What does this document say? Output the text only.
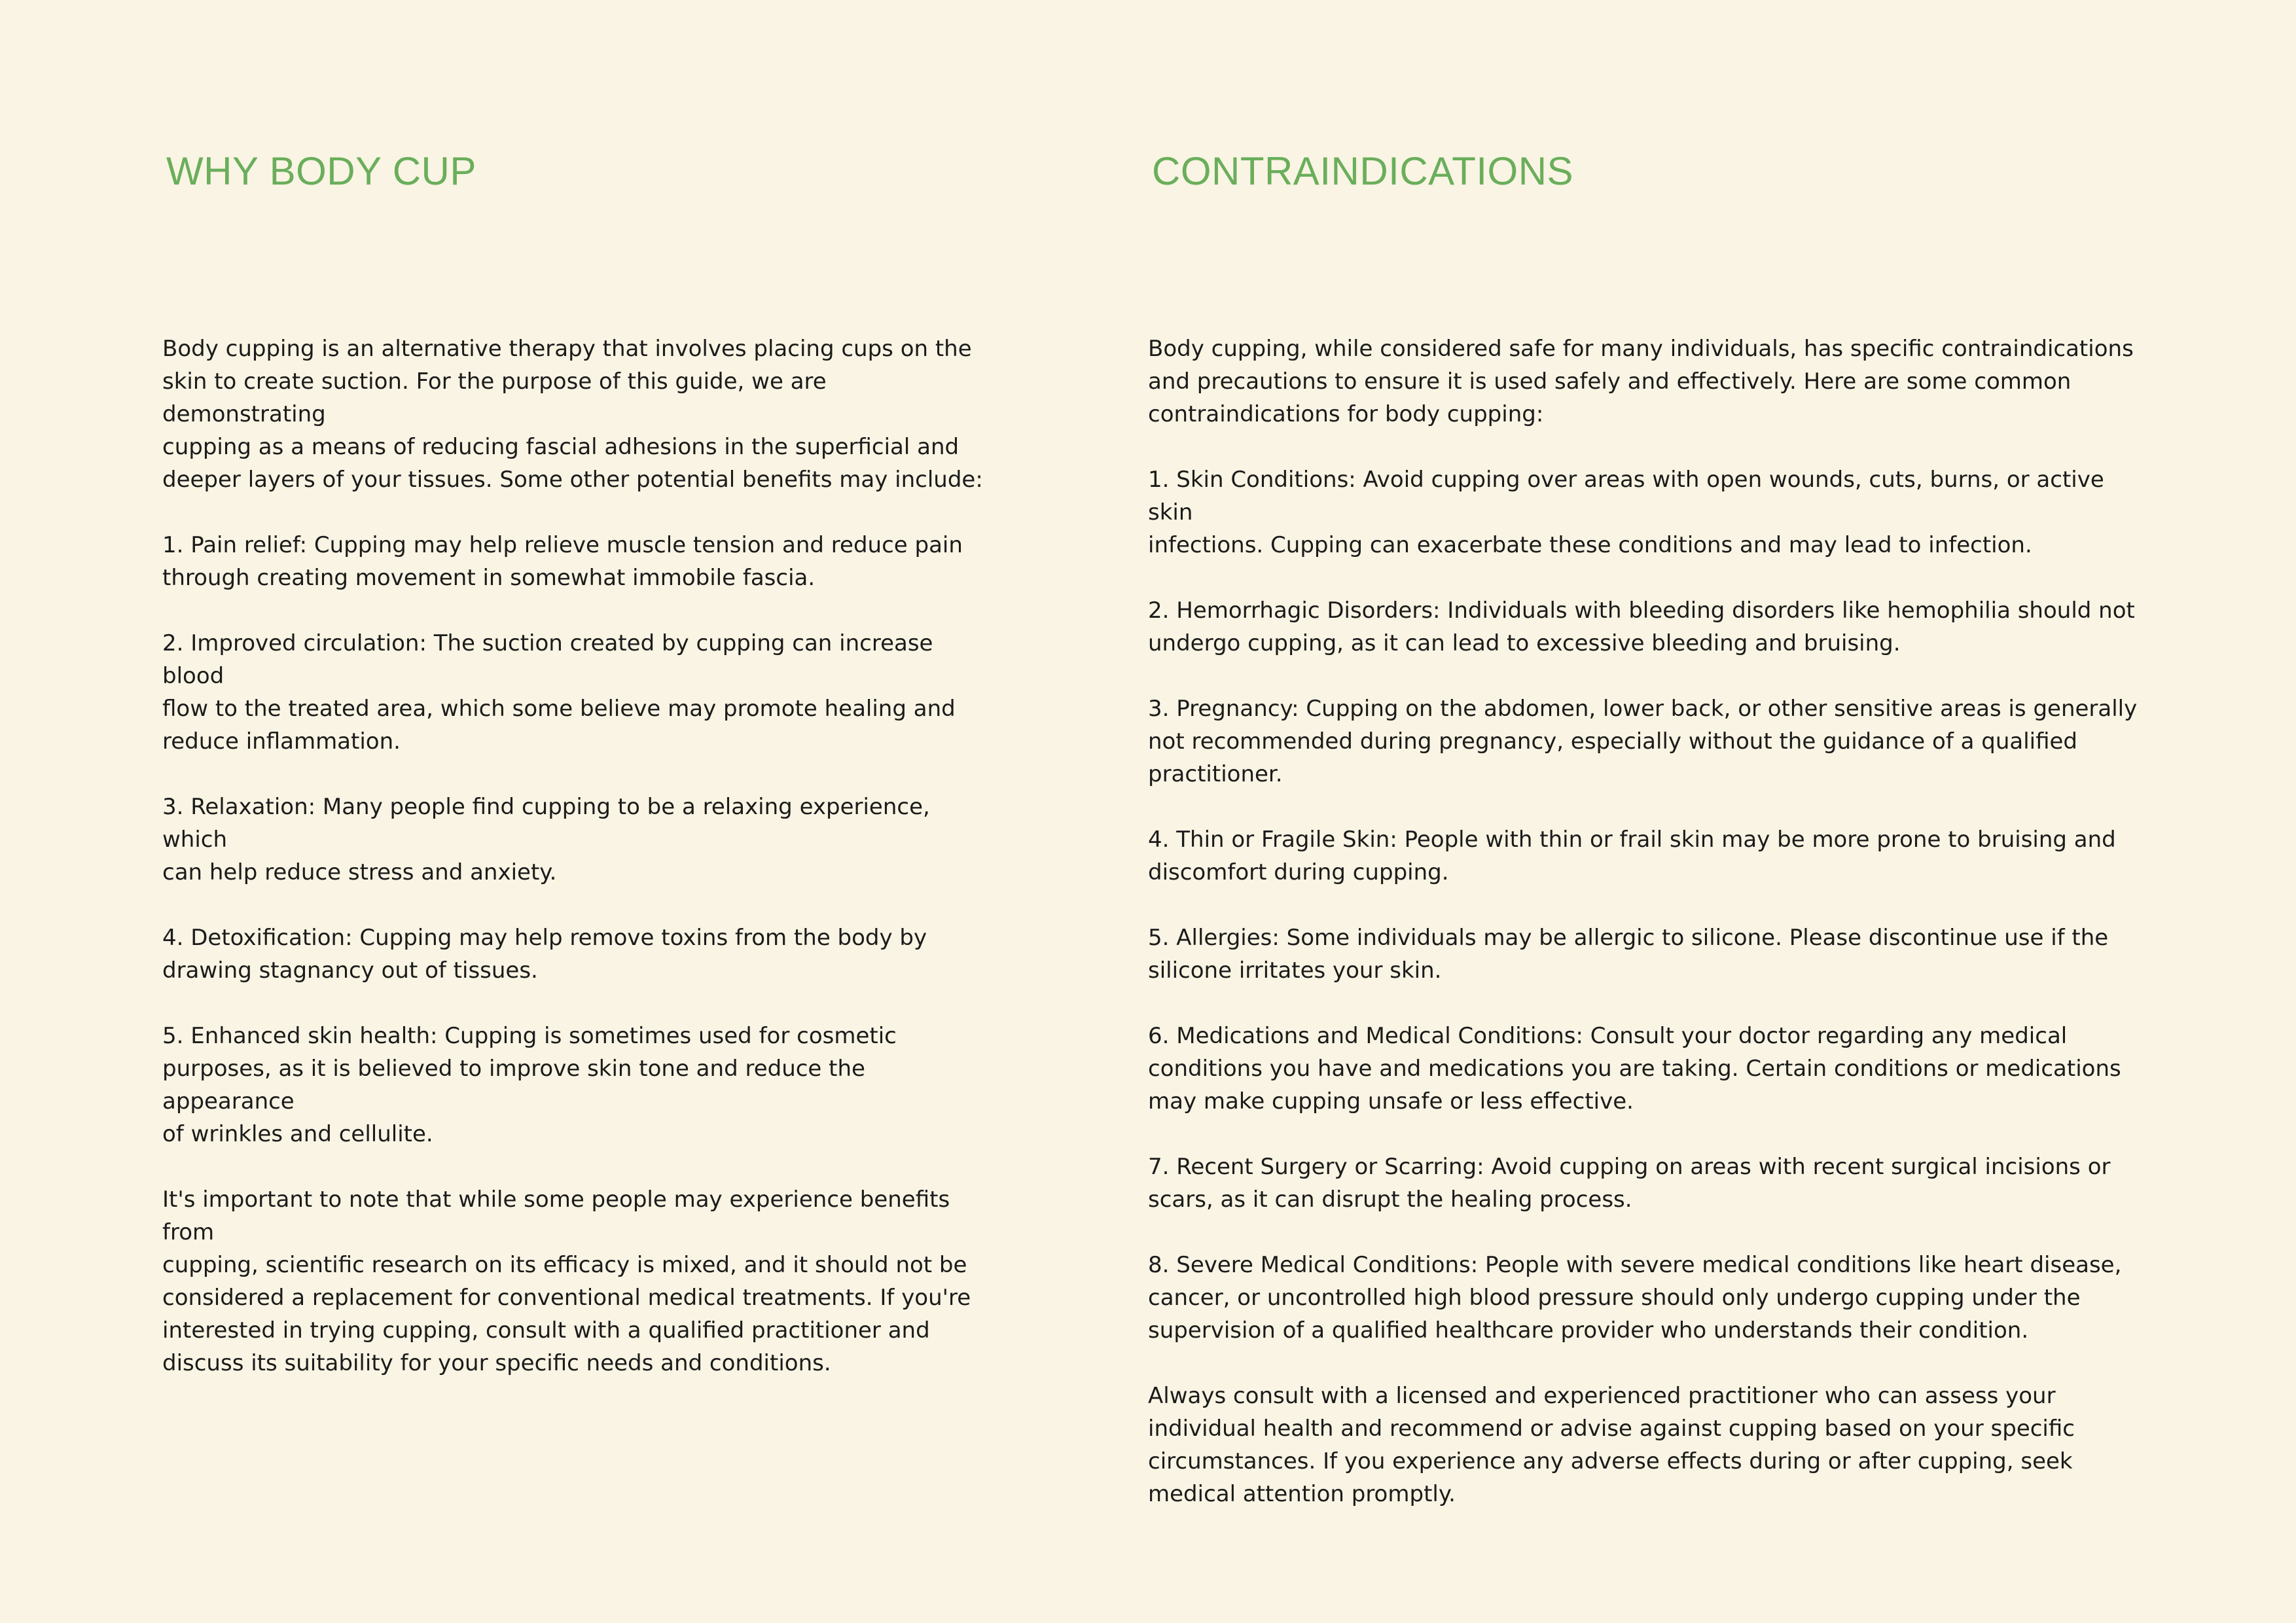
WHY BODY CUP

Body cupping is an alternative therapy that involves placing cups on the
skin to create suction. For the purpose of this guide, we are demonstrating
cupping as a means of reducing fascial adhesions in the superficial and
deeper layers of your tissues. Some other potential benefits may include:

1. Pain relief: Cupping may help relieve muscle tension and reduce pain
through creating movement in somewhat immobile fascia.

2. Improved circulation: The suction created by cupping can increase blood
flow to the treated area, which some believe may promote healing and
reduce inflammation.

3. Relaxation: Many people find cupping to be a relaxing experience, which
can help reduce stress and anxiety.

4. Detoxification: Cupping may help remove toxins from the body by
drawing stagnancy out of tissues.

5. Enhanced skin health: Cupping is sometimes used for cosmetic
purposes, as it is believed to improve skin tone and reduce the appearance
of wrinkles and cellulite.

It's important to note that while some people may experience benefits from
cupping, scientific research on its efficacy is mixed, and it should not be
considered a replacement for conventional medical treatments. If you're
interested in trying cupping, consult with a qualified practitioner and
discuss its suitability for your specific needs and conditions.

CONTRAINDICATIONS

Body cupping, while considered safe for many individuals, has specific contraindications
and precautions to ensure it is used safely and effectively. Here are some common
contraindications for body cupping:

1. Skin Conditions: Avoid cupping over areas with open wounds, cuts, burns, or active skin
infections. Cupping can exacerbate these conditions and may lead to infection.

2. Hemorrhagic Disorders: Individuals with bleeding disorders like hemophilia should not
undergo cupping, as it can lead to excessive bleeding and bruising.

3. Pregnancy: Cupping on the abdomen, lower back, or other sensitive areas is generally
not recommended during pregnancy, especially without the guidance of a qualified
practitioner.

4. Thin or Fragile Skin: People with thin or frail skin may be more prone to bruising and
discomfort during cupping.

5. Allergies: Some individuals may be allergic to silicone. Please discontinue use if the
silicone irritates your skin.

6. Medications and Medical Conditions: Consult your doctor regarding any medical
conditions you have and medications you are taking. Certain conditions or medications
may make cupping unsafe or less effective.

7. Recent Surgery or Scarring: Avoid cupping on areas with recent surgical incisions or
scars, as it can disrupt the healing process.

8. Severe Medical Conditions: People with severe medical conditions like heart disease,
cancer, or uncontrolled high blood pressure should only undergo cupping under the
supervision of a qualified healthcare provider who understands their condition.

Always consult with a licensed and experienced practitioner who can assess your
individual health and recommend or advise against cupping based on your specific
circumstances. If you experience any adverse effects during or after cupping, seek
medical attention promptly.
